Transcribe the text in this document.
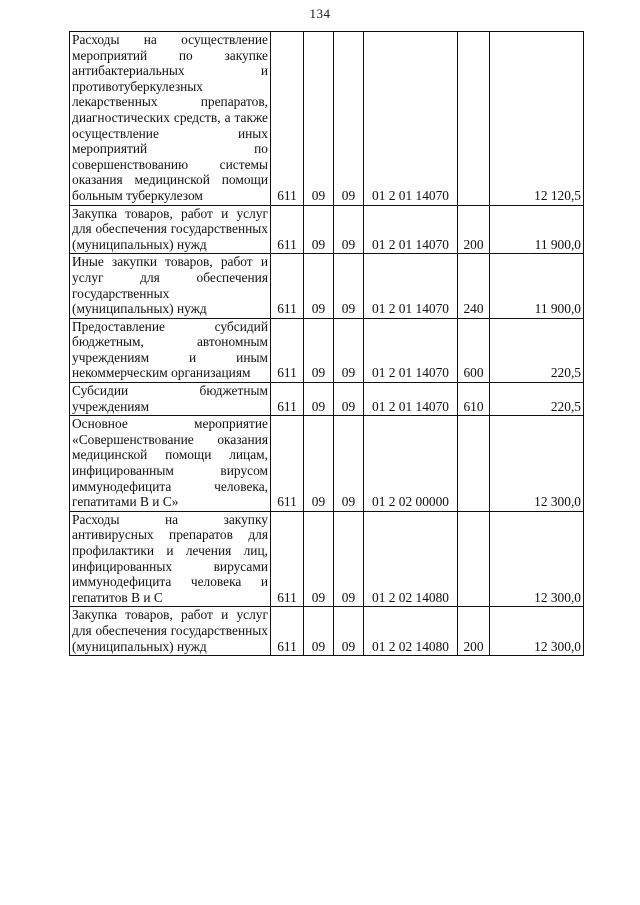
134
Расходы на осуществление мероприятий по закупке антибактериальных и противотуберкулезных лекарственных препаратов, диагностических средств, а также осуществление иных мероприятий по совершенствованию системы оказания медицинской помощи больным туберкулезом	611	09	09	01 2 01 14070		12 120,5
Закупка товаров, работ и услуг для обеспечения государственных (муниципальных) нужд	611	09	09	01 2 01 14070	200	11 900,0
Иные закупки товаров, работ и услуг для обеспечения государственных (муниципальных) нужд	611	09	09	01 2 01 14070	240	11 900,0
Предоставление субсидий бюджетным, автономным учреждениям и иным некоммерческим организациям	611	09	09	01 2 01 14070	600	220,5
Субсидии бюджетным учреждениям	611	09	09	01 2 01 14070	610	220,5
Основное мероприятие «Совершенствование оказания медицинской помощи лицам, инфицированным вирусом иммунодефицита человека, гепатитами В и С»	611	09	09	01 2 02 00000		12 300,0
Расходы на закупку антивирусных препаратов для профилактики и лечения лиц, инфицированных вирусами иммунодефицита человека и гепатитов В и С	611	09	09	01 2 02 14080		12 300,0
Закупка товаров, работ и услуг для обеспечения государственных (муниципальных) нужд	611	09	09	01 2 02 14080	200	12 300,0
